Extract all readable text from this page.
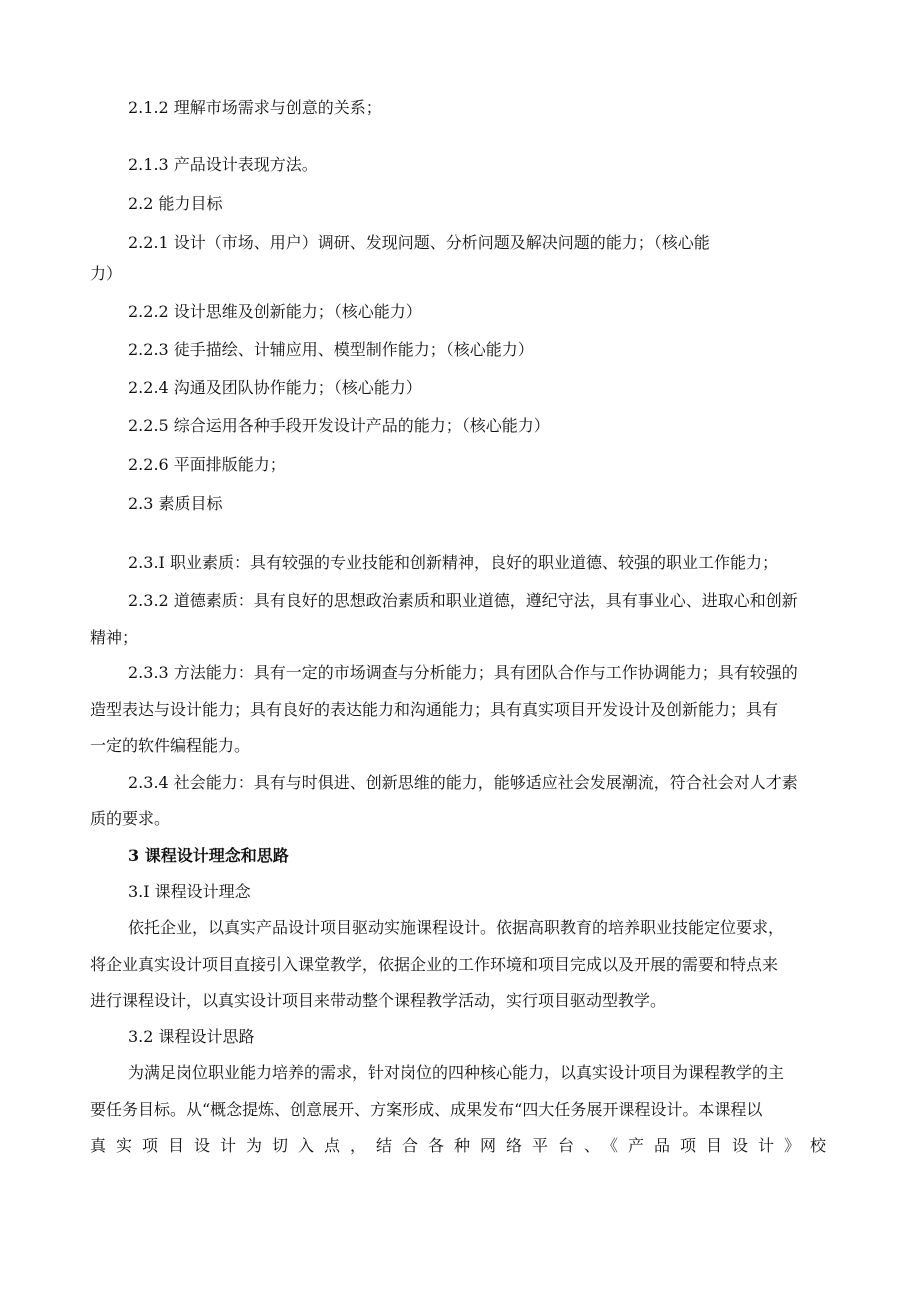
2.1.2 理解市场需求与创意的关系；
2.1.3 产品设计表现方法。
2.2 能力目标
2.2.1 设计（市场、用户）调研、发现问题、分析问题及解决问题的能力；（核心能
力）
2.2.2 设计思维及创新能力；（核心能力）
2.2.3 徒手描绘、计辅应用、模型制作能力；（核心能力）
2.2.4 沟通及团队协作能力；（核心能力）
2.2.5 综合运用各种手段开发设计产品的能力；（核心能力）
2.2.6 平面排版能力；
2.3 素质目标
2.3.I 职业素质：具有较强的专业技能和创新精神，良好的职业道德、较强的职业工作能力；
2.3.2 道德素质：具有良好的思想政治素质和职业道德，遵纪守法，具有事业心、进取心和创新
精神；
2.3.3 方法能力：具有一定的市场调查与分析能力；具有团队合作与工作协调能力；具有较强的
造型表达与设计能力；具有良好的表达能力和沟通能力；具有真实项目开发设计及创新能力；具有
一定的软件编程能力。
2.3.4 社会能力：具有与时俱进、创新思维的能力，能够适应社会发展潮流，符合社会对人才素
质的要求。
3 课程设计理念和思路
3.I 课程设计理念
依托企业，以真实产品设计项目驱动实施课程设计。依据高职教育的培养职业技能定位要求，
将企业真实设计项目直接引入课堂教学，依据企业的工作环境和项目完成以及开展的需要和特点来
进行课程设计，以真实设计项目来带动整个课程教学活动，实行项目驱动型教学。
3.2 课程设计思路
为满足岗位职业能力培养的需求，针对岗位的四种核心能力，以真实设计项目为课程教学的主
要任务目标。从“概念提炼、创意展开、方案形成、成果发布“四大任务展开课程设计。本课程以
真实项目设计为切入点，结合各种网络平台、《产品项目设计》校
